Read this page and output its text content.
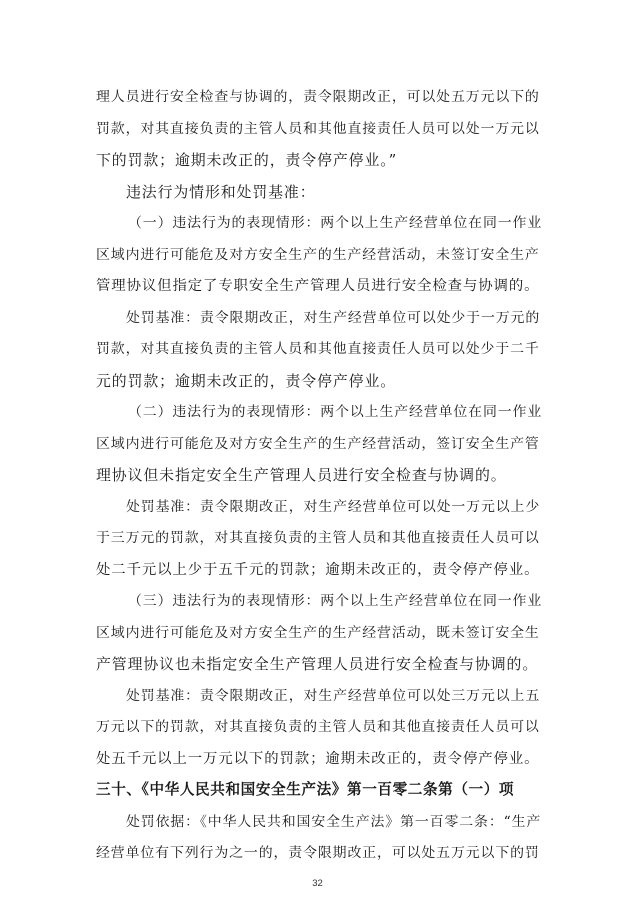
理人员进行安全检查与协调的，责令限期改正，可以处五万元以下的
罚款，对其直接负责的主管人员和其他直接责任人员可以处一万元以
下的罚款；逾期未改正的，责令停产停业。”
违法行为情形和处罚基准：
（一）违法行为的表现情形：两个以上生产经营单位在同一作业
区域内进行可能危及对方安全生产的生产经营活动，未签订安全生产
管理协议但指定了专职安全生产管理人员进行安全检查与协调的。
处罚基准：责令限期改正，对生产经营单位可以处少于一万元的
罚款，对其直接负责的主管人员和其他直接责任人员可以处少于二千
元的罚款；逾期未改正的，责令停产停业。
（二）违法行为的表现情形：两个以上生产经营单位在同一作业
区域内进行可能危及对方安全生产的生产经营活动，签订安全生产管
理协议但未指定安全生产管理人员进行安全检查与协调的。
处罚基准：责令限期改正，对生产经营单位可以处一万元以上少
于三万元的罚款，对其直接负责的主管人员和其他直接责任人员可以
处二千元以上少于五千元的罚款；逾期未改正的，责令停产停业。
（三）违法行为的表现情形：两个以上生产经营单位在同一作业
区域内进行可能危及对方安全生产的生产经营活动，既未签订安全生
产管理协议也未指定安全生产管理人员进行安全检查与协调的。
处罚基准：责令限期改正，对生产经营单位可以处三万元以上五
万元以下的罚款，对其直接负责的主管人员和其他直接责任人员可以
处五千元以上一万元以下的罚款；逾期未改正的，责令停产停业。
三十、《中华人民共和国安全生产法》第一百零二条第（一）项
处罚依据：《中华人民共和国安全生产法》第一百零二条：“生产
经营单位有下列行为之一的，责令限期改正，可以处五万元以下的罚
32
